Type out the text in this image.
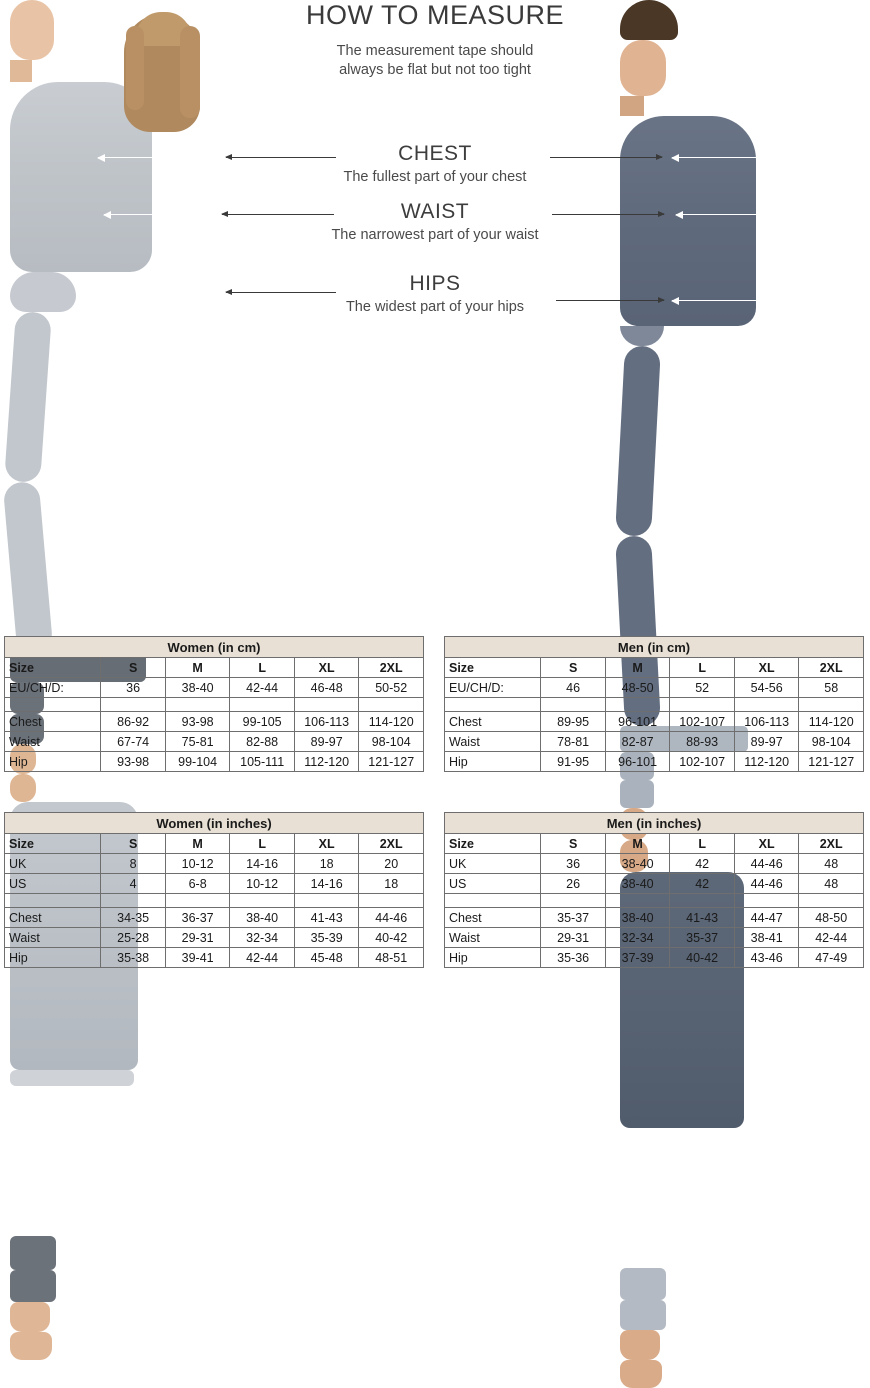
HOW TO MEASURE
The measurement tape should
always be flat but not too tight
CHEST
The fullest part of your chest
WAIST
The narrowest part of your waist
HIPS
The widest part of your hips
Women (in cm)					
Size	S	M	L	XL	2XL
EU/CH/D:	36	38-40	42-44	46-48	50-52

Chest	86-92	93-98	99-105	106-113	114-120
Waist	67-74	75-81	82-88	89-97	98-104
Hip	93-98	99-104	105-111	112-120	121-127
Men (in cm)					
Size	S	M	L	XL	2XL
EU/CH/D:	46	48-50	52	54-56	58

Chest	89-95	96-101	102-107	106-113	114-120
Waist	78-81	82-87	88-93	89-97	98-104
Hip	91-95	96-101	102-107	112-120	121-127
Women (in inches)					
Size	S	M	L	XL	2XL
UK	8	10-12	14-16	18	20
US	4	6-8	10-12	14-16	18

Chest	34-35	36-37	38-40	41-43	44-46
Waist	25-28	29-31	32-34	35-39	40-42
Hip	35-38	39-41	42-44	45-48	48-51
Men (in inches)					
Size	S	M	L	XL	2XL
UK	36	38-40	42	44-46	48
US	26	38-40	42	44-46	48

Chest	35-37	38-40	41-43	44-47	48-50
Waist	29-31	32-34	35-37	38-41	42-44
Hip	35-36	37-39	40-42	43-46	47-49
